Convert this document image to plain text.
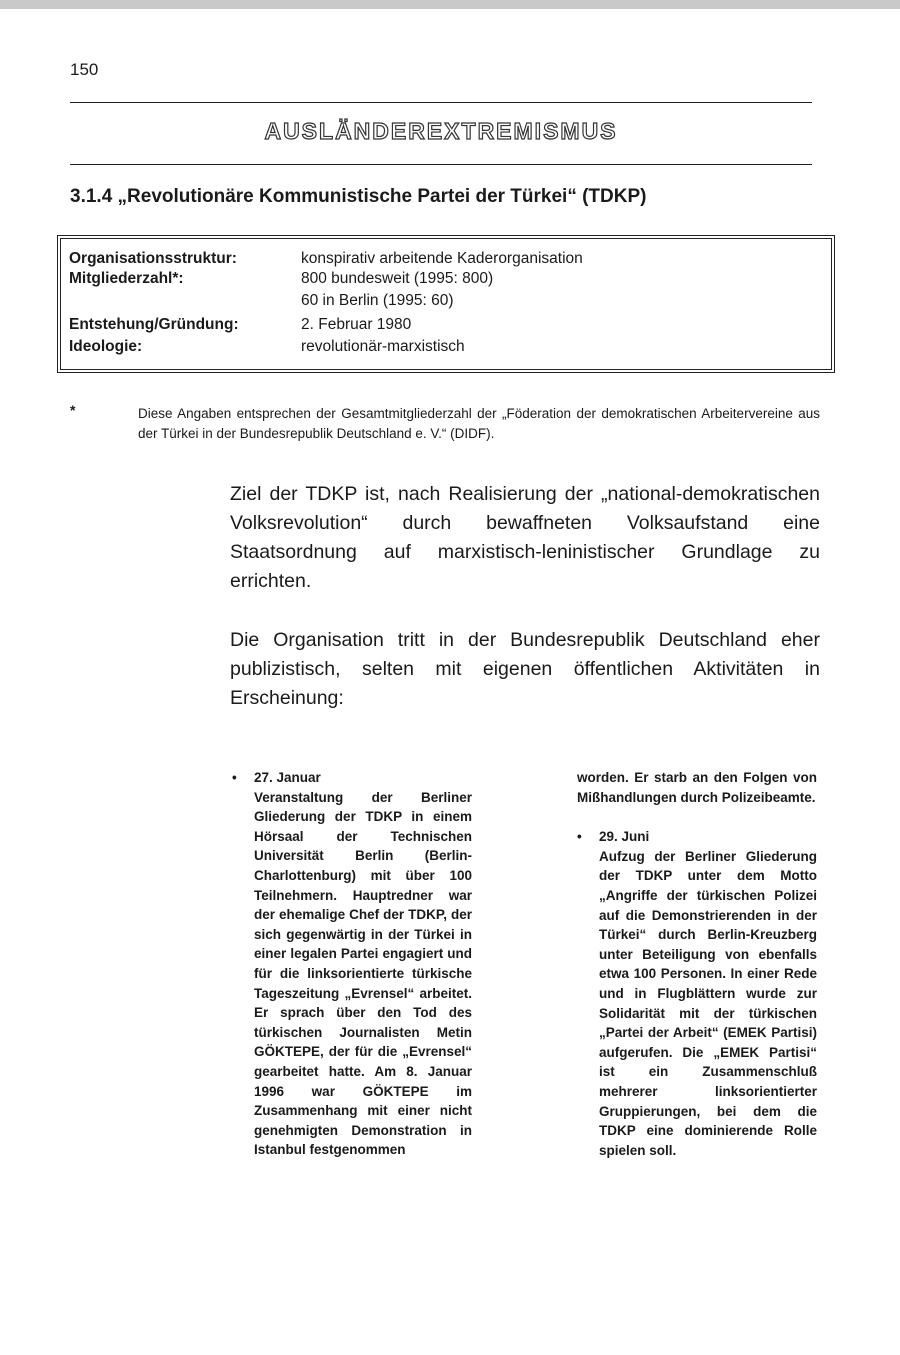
150
AUSLÄNDEREXTREMISMUS
3.1.4 „Revolutionäre Kommunistische Partei der Türkei“ (TDKP)
Organisationsstruktur:	konspirativ arbeitende Kaderorganisation
Mitgliederzahl*:	800 bundesweit (1995: 800)
60 in Berlin (1995: 60)
Entstehung/Gründung:	2. Februar 1980
Ideologie:	revolutionär-marxistisch
*	Diese Angaben entsprechen der Gesamtmitgliederzahl der „Föderation der demokratischen Arbeitervereine aus der Türkei in der Bundesrepublik Deutschland e. V.“ (DIDF).
Ziel der TDKP ist, nach Realisierung der „national-demokratischen Volksrevolution“ durch bewaffneten Volksaufstand eine Staatsordnung auf marxistisch-leninistischer Grundlage zu errichten.
Die Organisation tritt in der Bundesrepublik Deutschland eher publizistisch, selten mit eigenen öffentlichen Aktivitäten in Erscheinung:
• 27. Januar
Veranstaltung der Berliner Gliederung der TDKP in einem Hörsaal der Technischen Universität Berlin (Berlin-Charlottenburg) mit über 100 Teilnehmern. Hauptredner war der ehemalige Chef der TDKP, der sich gegenwärtig in der Türkei in einer legalen Partei engagiert und für die linksorientierte türkische Tageszeitung „Evrensel“ arbeitet. Er sprach über den Tod des türkischen Journalisten Metin GÖKTEPE, der für die „Evrensel“ gearbeitet hatte. Am 8. Januar 1996 war GÖKTEPE im Zusammenhang mit einer nicht genehmigten Demonstration in Istanbul festgenommen
worden. Er starb an den Folgen von Mißhandlungen durch Polizeibeamte.
• 29. Juni
Aufzug der Berliner Gliederung der TDKP unter dem Motto „Angriffe der türkischen Polizei auf die Demonstrierenden in der Türkei“ durch Berlin-Kreuzberg unter Beteiligung von ebenfalls etwa 100 Personen. In einer Rede und in Flugblättern wurde zur Solidarität mit der türkischen „Partei der Arbeit“ (EMEK Partisi) aufgerufen. Die „EMEK Partisi“ ist ein Zusammenschluß mehrerer linksorientierter Gruppierungen, bei dem die TDKP eine dominierende Rolle spielen soll.
